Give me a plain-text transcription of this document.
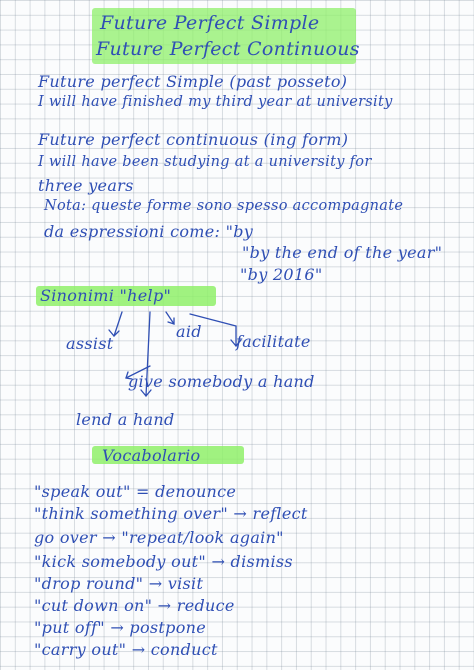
Future Perfect Simple
Future Perfect Continuous
Future perfect Simple (past posseto)
I will have finished my third year at university
Future perfect continuous (ing form)
I will have been studying at a university for
three years
Nota: queste forme sono spesso accompagnate
da espressioni come: "by
"by the end of the year"
"by 2016"
Sinonimi "help"
aid
assist	facilitate
give somebody a hand
lend a hand
Vocabolario
"speak out" = denounce
"think something over" → reflect
go over → "repeat/look again"
"kick somebody out" → dismiss
"drop round" → visit
"cut down on" → reduce
"put off" → postpone
"carry out" → conduct
